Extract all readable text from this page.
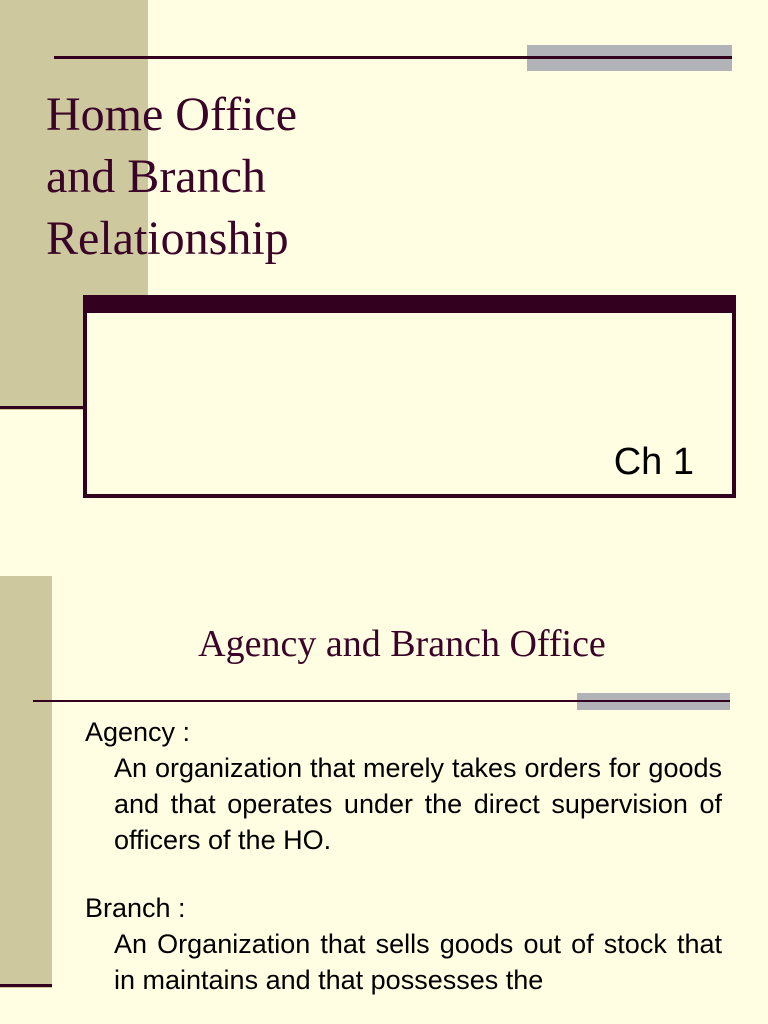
Home Office
and Branch
Relationship
Ch 1
Agency and Branch Office
Agency :
An organization that merely takes orders for goods and that operates under the direct supervision of officers of the HO.
Branch :
An Organization that sells goods out of stock that in maintains and that possesses the
